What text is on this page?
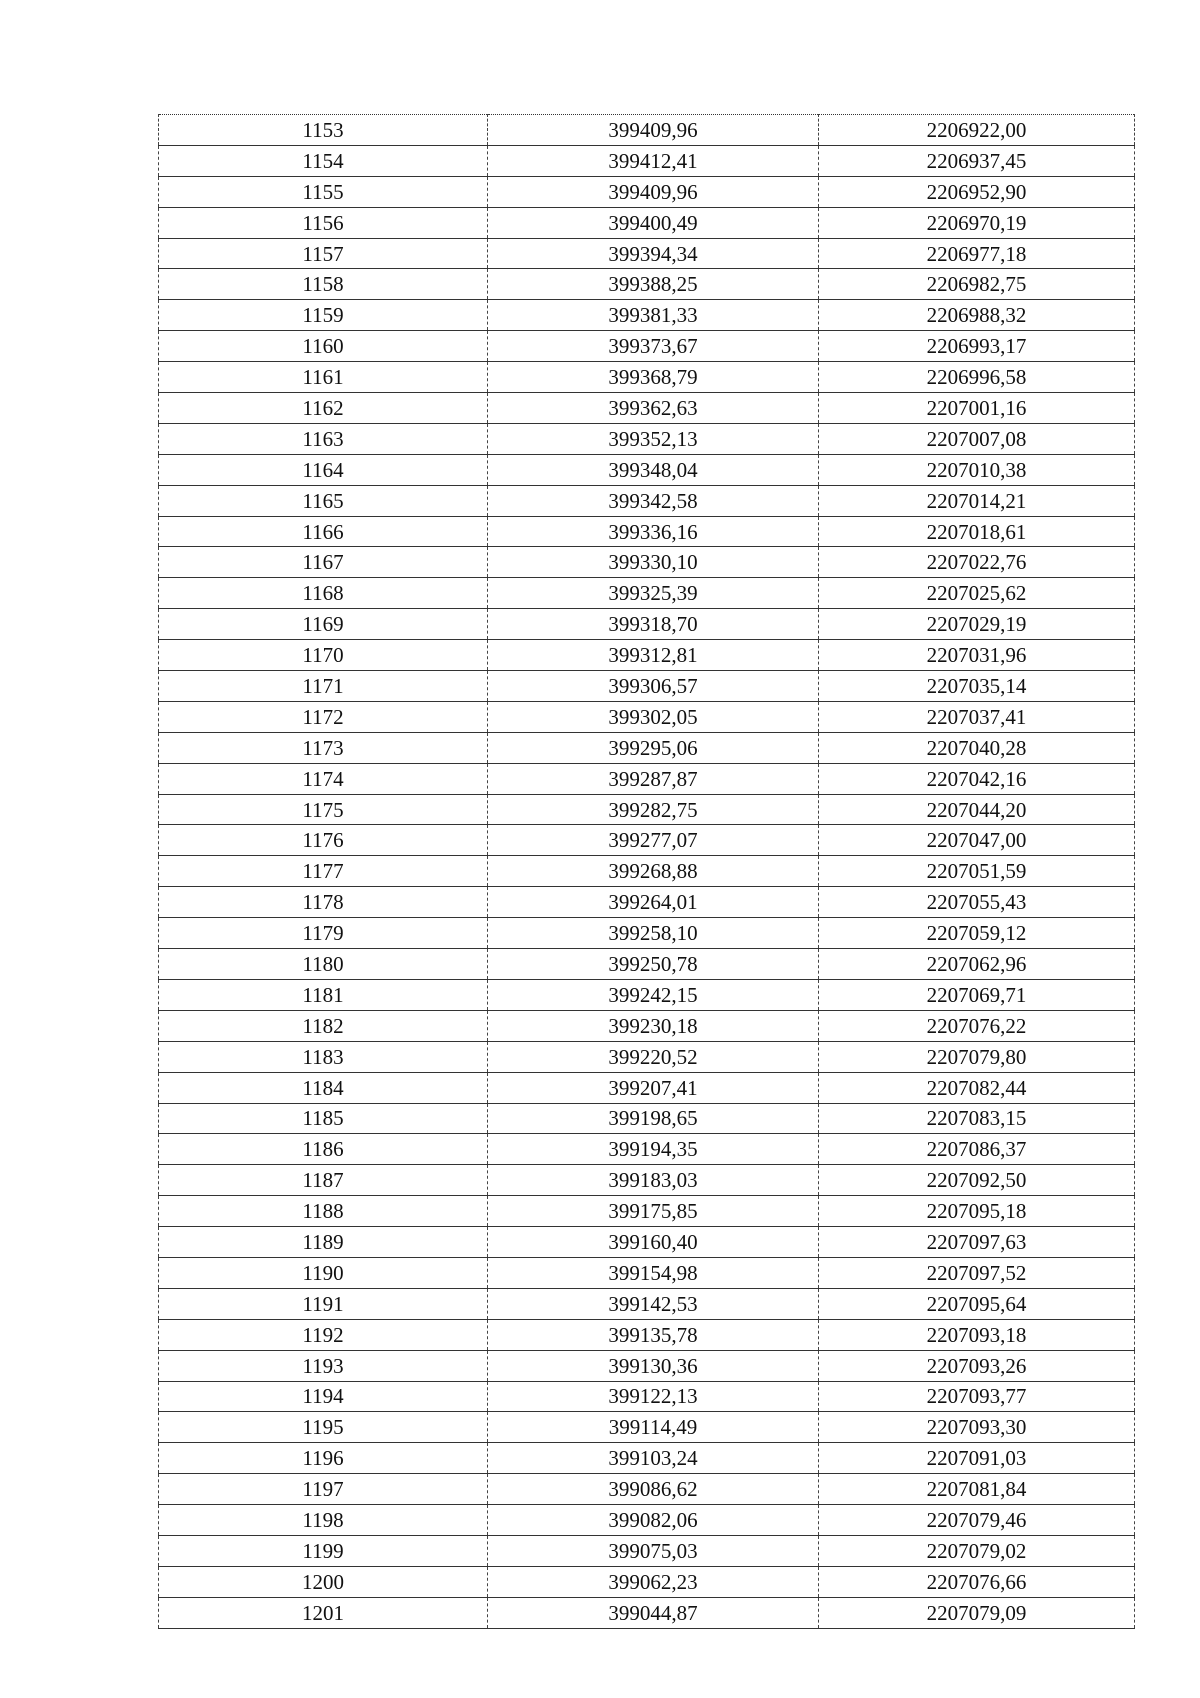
1153	399409,96	2206922,00
1154	399412,41	2206937,45
1155	399409,96	2206952,90
1156	399400,49	2206970,19
1157	399394,34	2206977,18
1158	399388,25	2206982,75
1159	399381,33	2206988,32
1160	399373,67	2206993,17
1161	399368,79	2206996,58
1162	399362,63	2207001,16
1163	399352,13	2207007,08
1164	399348,04	2207010,38
1165	399342,58	2207014,21
1166	399336,16	2207018,61
1167	399330,10	2207022,76
1168	399325,39	2207025,62
1169	399318,70	2207029,19
1170	399312,81	2207031,96
1171	399306,57	2207035,14
1172	399302,05	2207037,41
1173	399295,06	2207040,28
1174	399287,87	2207042,16
1175	399282,75	2207044,20
1176	399277,07	2207047,00
1177	399268,88	2207051,59
1178	399264,01	2207055,43
1179	399258,10	2207059,12
1180	399250,78	2207062,96
1181	399242,15	2207069,71
1182	399230,18	2207076,22
1183	399220,52	2207079,80
1184	399207,41	2207082,44
1185	399198,65	2207083,15
1186	399194,35	2207086,37
1187	399183,03	2207092,50
1188	399175,85	2207095,18
1189	399160,40	2207097,63
1190	399154,98	2207097,52
1191	399142,53	2207095,64
1192	399135,78	2207093,18
1193	399130,36	2207093,26
1194	399122,13	2207093,77
1195	399114,49	2207093,30
1196	399103,24	2207091,03
1197	399086,62	2207081,84
1198	399082,06	2207079,46
1199	399075,03	2207079,02
1200	399062,23	2207076,66
1201	399044,87	2207079,09
